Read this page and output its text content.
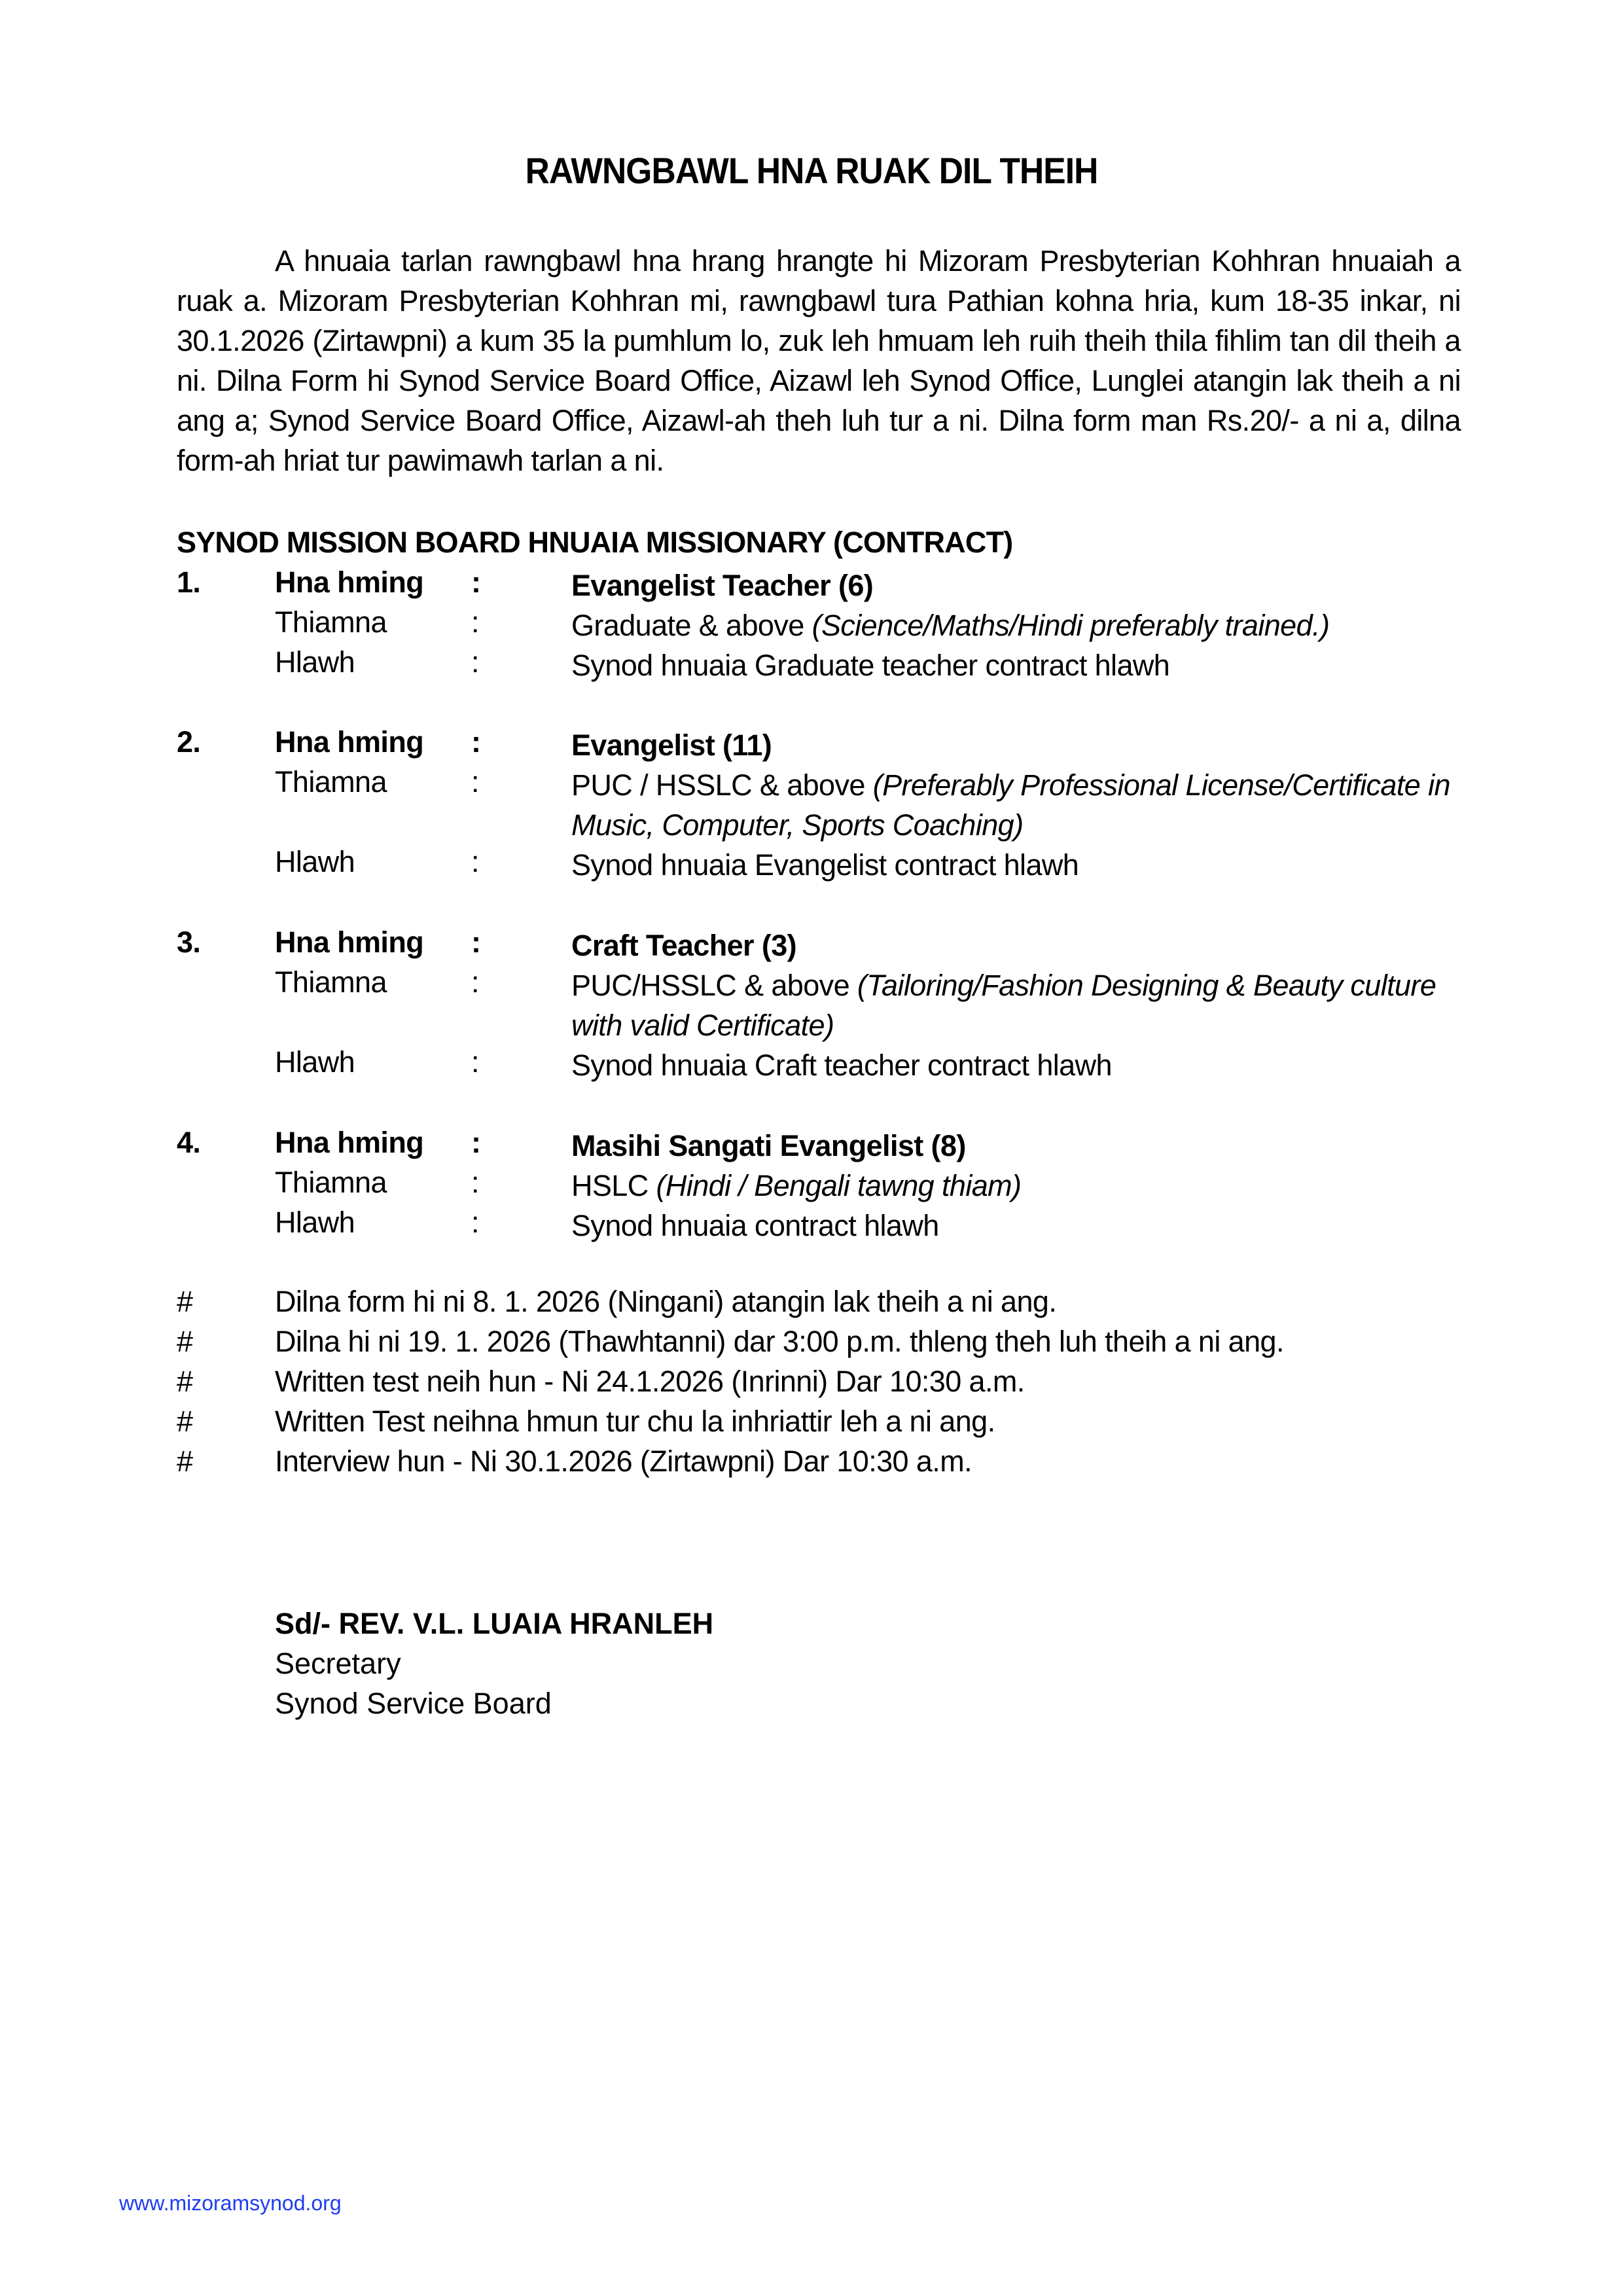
RAWNGBAWL HNA RUAK DIL THEIH
A hnuaia tarlan rawngbawl hna hrang hrangte hi Mizoram Presbyterian Kohhran hnuaiah a ruak a. Mizoram Presbyterian Kohhran mi, rawngbawl tura Pathian kohna hria, kum 18-35 inkar, ni 30.1.2026 (Zirtawpni) a kum 35 la pumhlum lo, zuk leh hmuam leh ruih theih thila fihlim tan dil theih a ni. Dilna Form hi Synod Service Board Office, Aizawl leh Synod Office, Lunglei atangin lak theih a ni ang a; Synod Service Board Office, Aizawl-ah theh luh tur a ni. Dilna form man Rs.20/- a ni a, dilna form-ah hriat tur pawimawh tarlan a ni.
SYNOD MISSION BOARD HNUAIA MISSIONARY (CONTRACT)
1.	Hna hming :	Evangelist Teacher (6)
Thiamna	:	Graduate & above (Science/Maths/Hindi preferably trained.)
Hlawh	:	Synod hnuaia Graduate teacher contract hlawh
2.	Hna hming :	Evangelist (11)
Thiamna	:	PUC / HSSLC & above (Preferably Professional License/Certificate in Music, Computer, Sports Coaching)
Hlawh	:	Synod hnuaia Evangelist contract hlawh
3.	Hna hming :	Craft Teacher (3)
Thiamna	:	PUC/HSSLC & above (Tailoring/Fashion Designing & Beauty culture with valid Certificate)
Hlawh	:	Synod hnuaia Craft teacher contract hlawh
4.	Hna hming :	Masihi Sangati Evangelist (8)
Thiamna	:	HSLC (Hindi / Bengali tawng thiam)
Hlawh	:	Synod hnuaia contract hlawh
#	Dilna form hi ni 8. 1. 2026 (Ningani) atangin lak theih a ni ang.
#	Dilna hi ni 19. 1. 2026 (Thawhtanni) dar 3:00 p.m. thleng theh luh theih a ni ang.
#	Written test neih hun - Ni 24.1.2026 (Inrinni) Dar 10:30 a.m.
#	Written Test neihna hmun tur chu la inhriattir leh a ni ang.
#	Interview hun - Ni 30.1.2026 (Zirtawpni) Dar 10:30 a.m.
Sd/- REV. V.L. LUAIA HRANLEH
Secretary
Synod Service Board
www.mizoramsynod.org
